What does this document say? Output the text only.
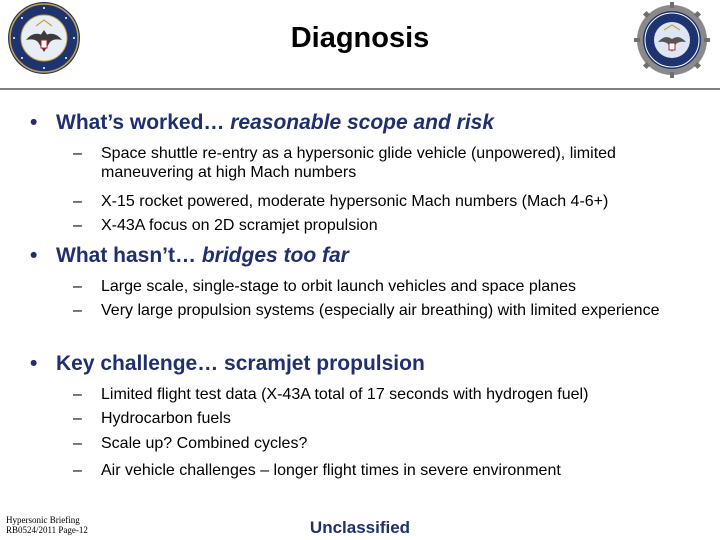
Diagnosis
• What’s worked… reasonable scope and risk
– Space shuttle re-entry as a hypersonic glide vehicle (unpowered), limited maneuvering at high Mach numbers
– X-15 rocket powered, moderate hypersonic Mach numbers (Mach 4-6+)
– X-43A focus on 2D scramjet propulsion
• What hasn’t… bridges too far
– Large scale, single-stage to orbit launch vehicles and space planes
– Very large propulsion systems (especially air breathing) with limited experience
• Key challenge… scramjet propulsion
– Limited flight test data (X-43A total of 17 seconds with hydrogen fuel)
– Hydrocarbon fuels
– Scale up? Combined cycles?
– Air vehicle challenges – longer flight times in severe environment
Hypersonic Briefing
RB0524/2011 Page-12	Unclassified
